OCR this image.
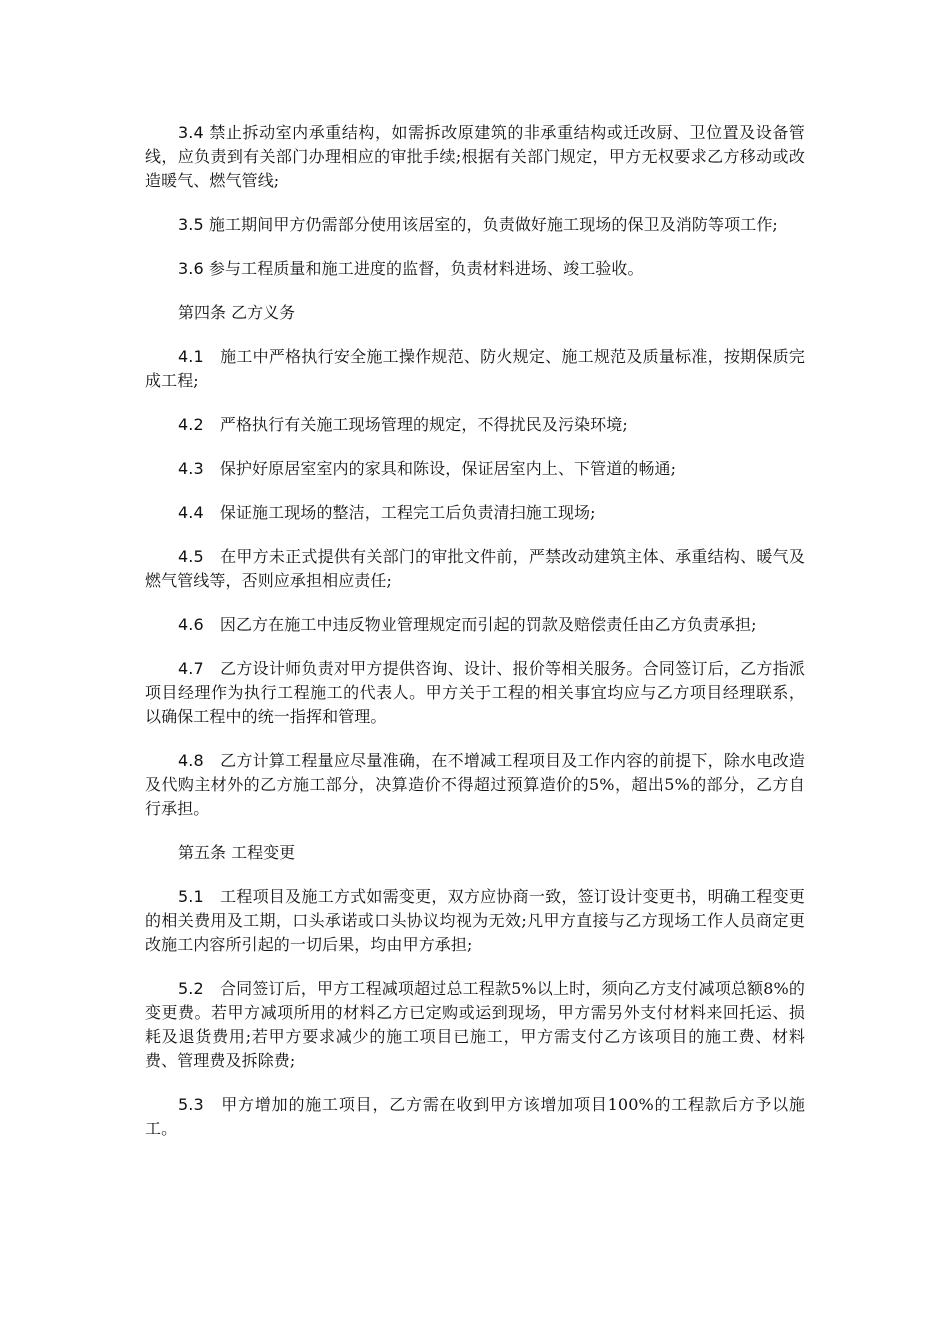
3.4 禁止拆动室内承重结构，如需拆改原建筑的非承重结构或迁改厨、卫位置及设备管线，应负责到有关部门办理相应的审批手续;根据有关部门规定，甲方无权要求乙方移动或改造暖气、燃气管线;

3.5 施工期间甲方仍需部分使用该居室的，负责做好施工现场的保卫及消防等项工作;

3.6 参与工程质量和施工进度的监督，负责材料进场、竣工验收。

第四条 乙方义务

4.1　施工中严格执行安全施工操作规范、防火规定、施工规范及质量标准，按期保质完成工程;

4.2　严格执行有关施工现场管理的规定，不得扰民及污染环境;

4.3　保护好原居室室内的家具和陈设，保证居室内上、下管道的畅通;

4.4　保证施工现场的整洁，工程完工后负责清扫施工现场;

4.5　在甲方未正式提供有关部门的审批文件前，严禁改动建筑主体、承重结构、暖气及燃气管线等，否则应承担相应责任;

4.6　因乙方在施工中违反物业管理规定而引起的罚款及赔偿责任由乙方负责承担;

4.7　乙方设计师负责对甲方提供咨询、设计、报价等相关服务。合同签订后，乙方指派项目经理作为执行工程施工的代表人。甲方关于工程的相关事宜均应与乙方项目经理联系，以确保工程中的统一指挥和管理。

4.8　乙方计算工程量应尽量准确，在不增减工程项目及工作内容的前提下，除水电改造及代购主材外的乙方施工部分，决算造价不得超过预算造价的5%，超出5%的部分，乙方自行承担。

第五条 工程变更

5.1　工程项目及施工方式如需变更，双方应协商一致，签订设计变更书，明确工程变更的相关费用及工期，口头承诺或口头协议均视为无效;凡甲方直接与乙方现场工作人员商定更改施工内容所引起的一切后果，均由甲方承担;

5.2　合同签订后，甲方工程减项超过总工程款5%以上时，须向乙方支付减项总额8%的变更费。若甲方减项所用的材料乙方已定购或运到现场，甲方需另外支付材料来回托运、损耗及退货费用;若甲方要求减少的施工项目已施工，甲方需支付乙方该项目的施工费、材料费、管理费及拆除费;

5.3　甲方增加的施工项目，乙方需在收到甲方该增加项目100%的工程款后方予以施工。
